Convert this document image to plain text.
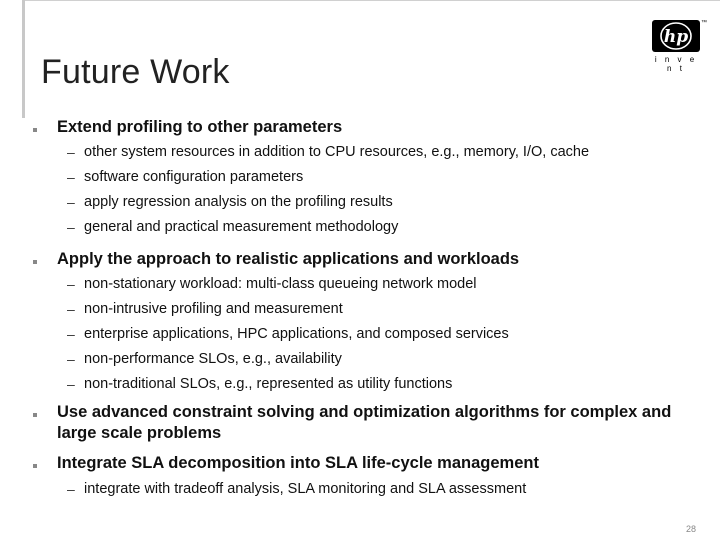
Future Work
hp
™
i n v e n t
Extend profiling to other parameters
– other system resources in addition to CPU resources, e.g., memory, I/O, cache
– software configuration parameters
– apply regression analysis on the profiling results
– general and practical measurement methodology
Apply the approach to realistic applications and workloads
– non-stationary workload: multi-class queueing network model
– non-intrusive profiling and measurement
– enterprise applications, HPC applications, and composed services
– non-performance SLOs, e.g., availability
– non-traditional SLOs, e.g., represented as utility functions
Use advanced constraint solving and optimization algorithms for complex and large scale problems
Integrate SLA decomposition into SLA life-cycle management
– integrate with tradeoff analysis, SLA monitoring and SLA assessment
28
